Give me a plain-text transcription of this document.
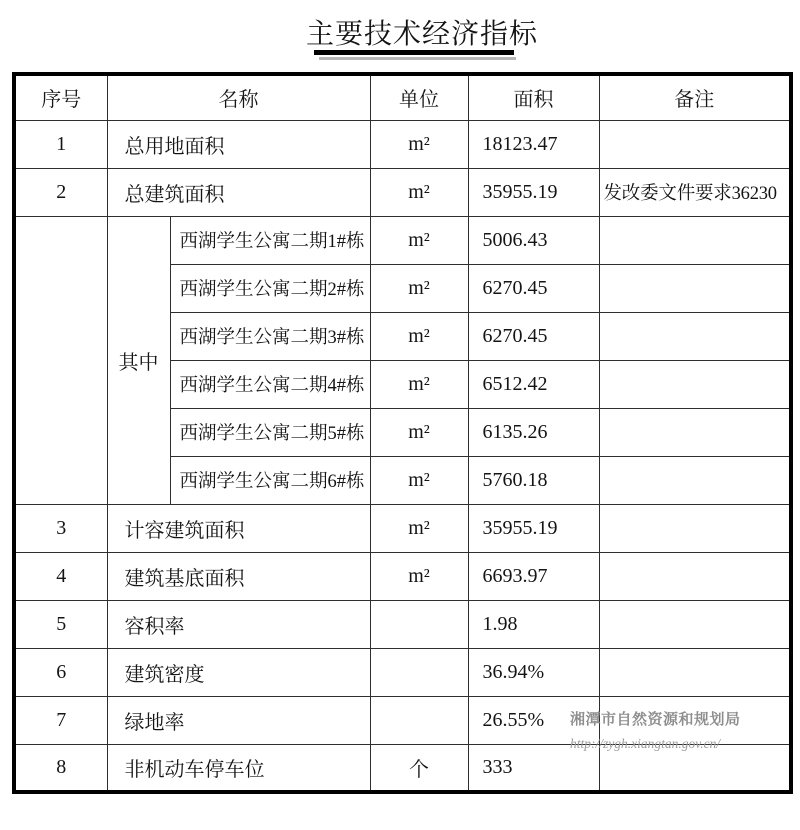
主要技术经济指标
序号	名称		单位	面积	备注
1	总用地面积		m²	18123.47	
2	总建筑面积		m²	35955.19	发改委文件要求36230
	其中	西湖学生公寓二期1#栋	m²	5006.43	
		西湖学生公寓二期2#栋	m²	6270.45	
		西湖学生公寓二期3#栋	m²	6270.45	
		西湖学生公寓二期4#栋	m²	6512.42	
		西湖学生公寓二期5#栋	m²	6135.26	
		西湖学生公寓二期6#栋	m²	5760.18	
3	计容建筑面积		m²	35955.19	
4	建筑基底面积		m²	6693.97	
5	容积率			1.98	
6	建筑密度			36.94%	
7	绿地率			26.55%	
8	非机动车停车位		个	333	
湘潭市自然资源和规划局
http://zygh.xiangtan.gov.cn/
